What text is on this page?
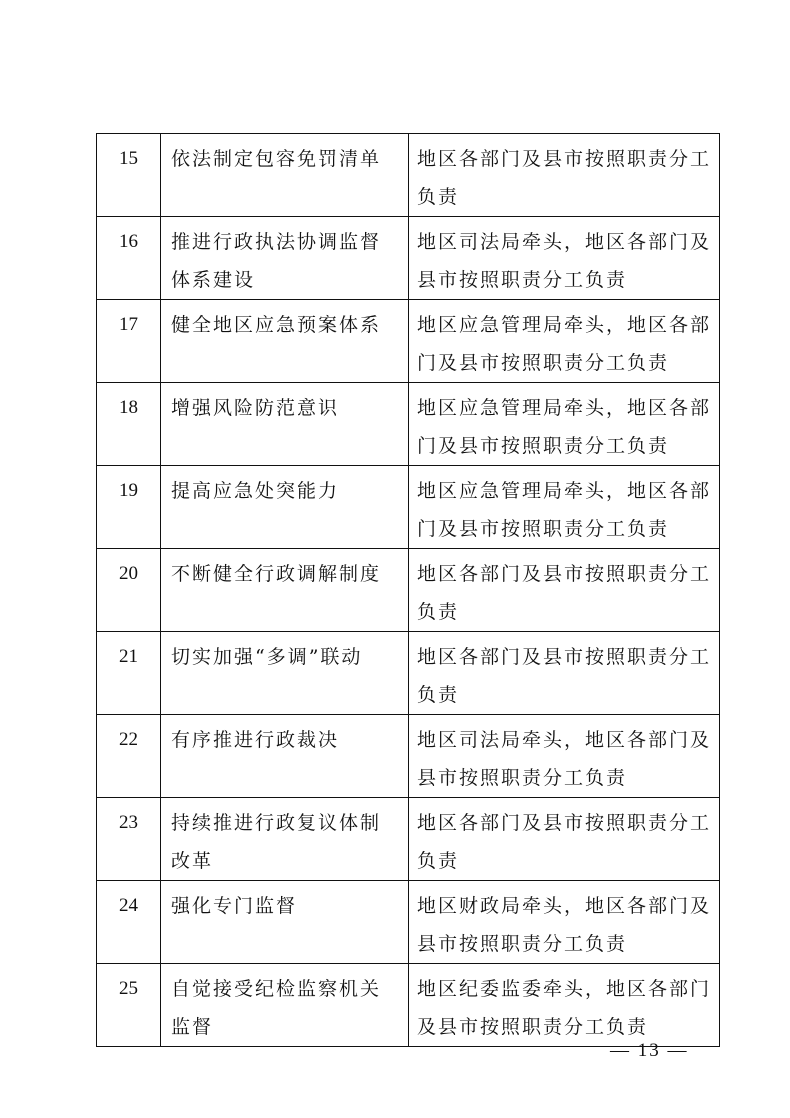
15	依法制定包容免罚清单	地区各部门及县市按照职责分工负责
16	推进行政执法协调监督体系建设	地区司法局牵头，地区各部门及县市按照职责分工负责
17	健全地区应急预案体系	地区应急管理局牵头，地区各部门及县市按照职责分工负责
18	增强风险防范意识	地区应急管理局牵头，地区各部门及县市按照职责分工负责
19	提高应急处突能力	地区应急管理局牵头，地区各部门及县市按照职责分工负责
20	不断健全行政调解制度	地区各部门及县市按照职责分工负责
21	切实加强“多调”联动	地区各部门及县市按照职责分工负责
22	有序推进行政裁决	地区司法局牵头，地区各部门及县市按照职责分工负责
23	持续推进行政复议体制改革	地区各部门及县市按照职责分工负责
24	强化专门监督	地区财政局牵头，地区各部门及县市按照职责分工负责
25	自觉接受纪检监察机关监督	地区纪委监委牵头，地区各部门及县市按照职责分工负责
— 13 —
